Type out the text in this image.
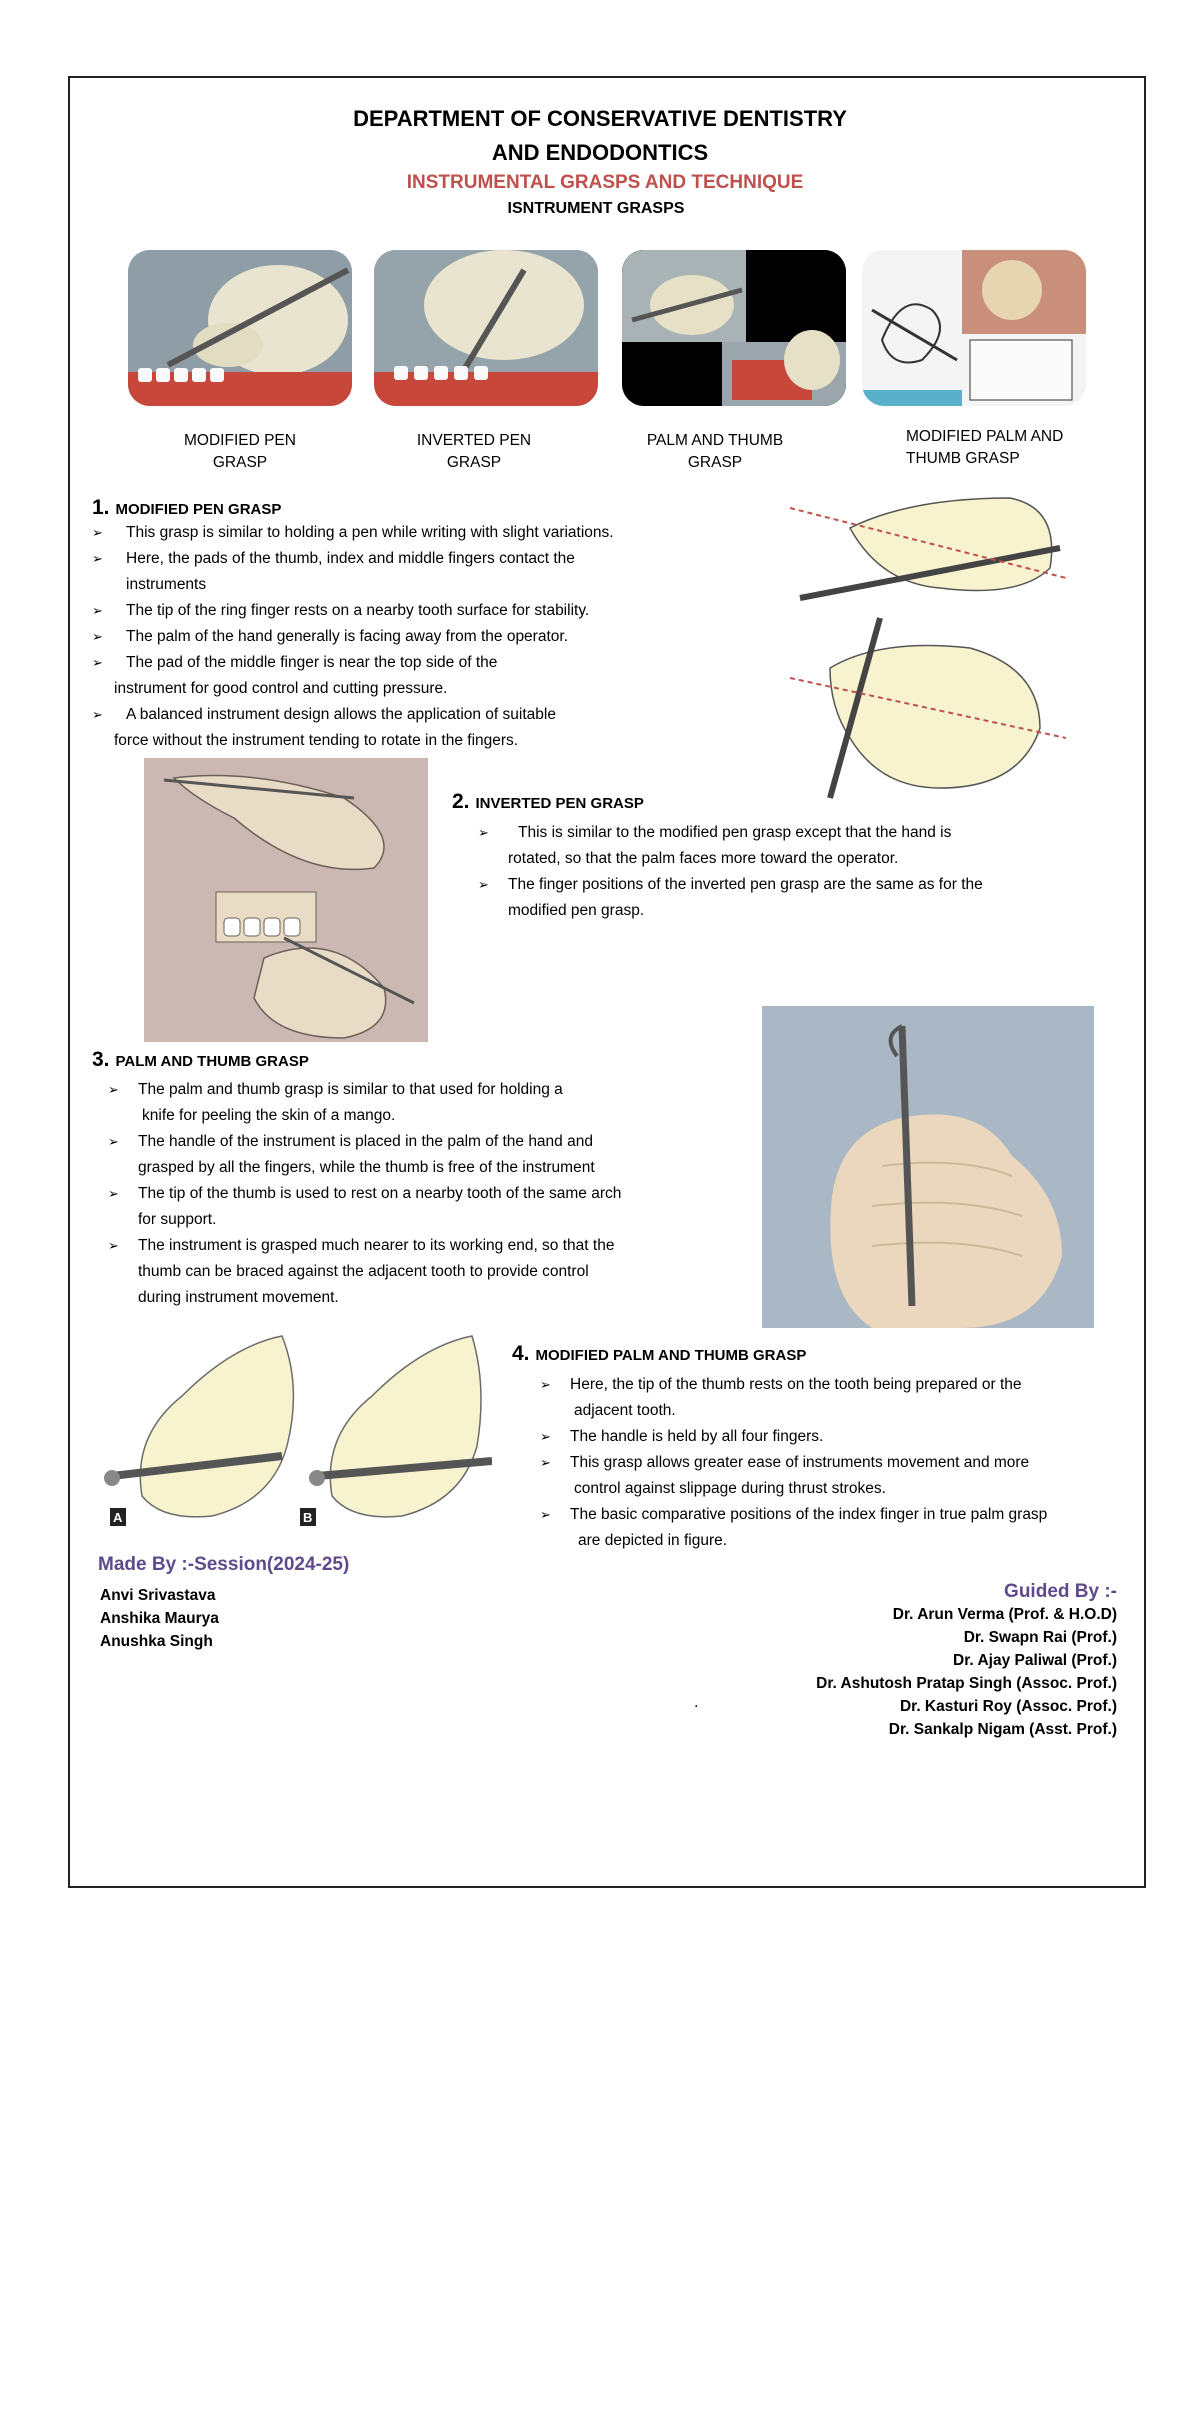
DEPARTMENT OF CONSERVATIVE DENTISTRY
AND ENDODONTICS
INSTRUMENTAL GRASPS AND TECHNIQUE
ISNTRUMENT GRASPS
MODIFIED PEN
GRASP
INVERTED PEN
GRASP
PALM AND THUMB
GRASP
MODIFIED PALM AND
THUMB GRASP
1. MODIFIED PEN GRASP
➢ This grasp is similar to holding a pen while writing with slight variations.
➢ Here, the pads of the thumb, index and middle fingers contact the
instruments
➢ The tip of the ring finger rests on a nearby tooth surface for stability.
➢ The palm of the hand generally is facing away from the operator.
➢ The pad of the middle finger is near the top side of the
instrument for good control and cutting pressure.
➢ A balanced instrument design allows the application of suitable
force without the instrument tending to rotate in the fingers.
2. INVERTED PEN GRASP
➢ This is similar to the modified pen grasp except that the hand is
rotated, so that the palm faces more toward the operator.
➢ The finger positions of the inverted pen grasp are the same as for the
modified pen grasp.
3. PALM AND THUMB GRASP
➢ The palm and thumb grasp is similar to that used for holding a
knife for peeling the skin of a mango.
➢ The handle of the instrument is placed in the palm of the hand and
grasped by all the fingers, while the thumb is free of the instrument
➢ The tip of the thumb is used to rest on a nearby tooth of the same arch
for support.
➢ The instrument is grasped much nearer to its working end, so that the
thumb can be braced against the adjacent tooth to provide control
during instrument movement.
A	B
4. MODIFIED PALM AND THUMB GRASP
➢ Here, the tip of the thumb rests on the tooth being prepared or the
adjacent tooth.
➢ The handle is held by all four fingers.
➢ This grasp allows greater ease of instruments movement and more
control against slippage during thrust strokes.
➢ The basic comparative positions of the index finger in true palm grasp
are depicted in figure.
Made By :-Session(2024-25)
Anvi Srivastava
Anshika Maurya
Anushka Singh
Guided By :-
Dr. Arun Verma (Prof. & H.O.D)
Dr. Swapn Rai (Prof.)
Dr. Ajay Paliwal (Prof.)
Dr. Ashutosh Pratap Singh (Assoc. Prof.)
Dr. Kasturi Roy (Assoc. Prof.)
Dr. Sankalp Nigam (Asst. Prof.)
.
